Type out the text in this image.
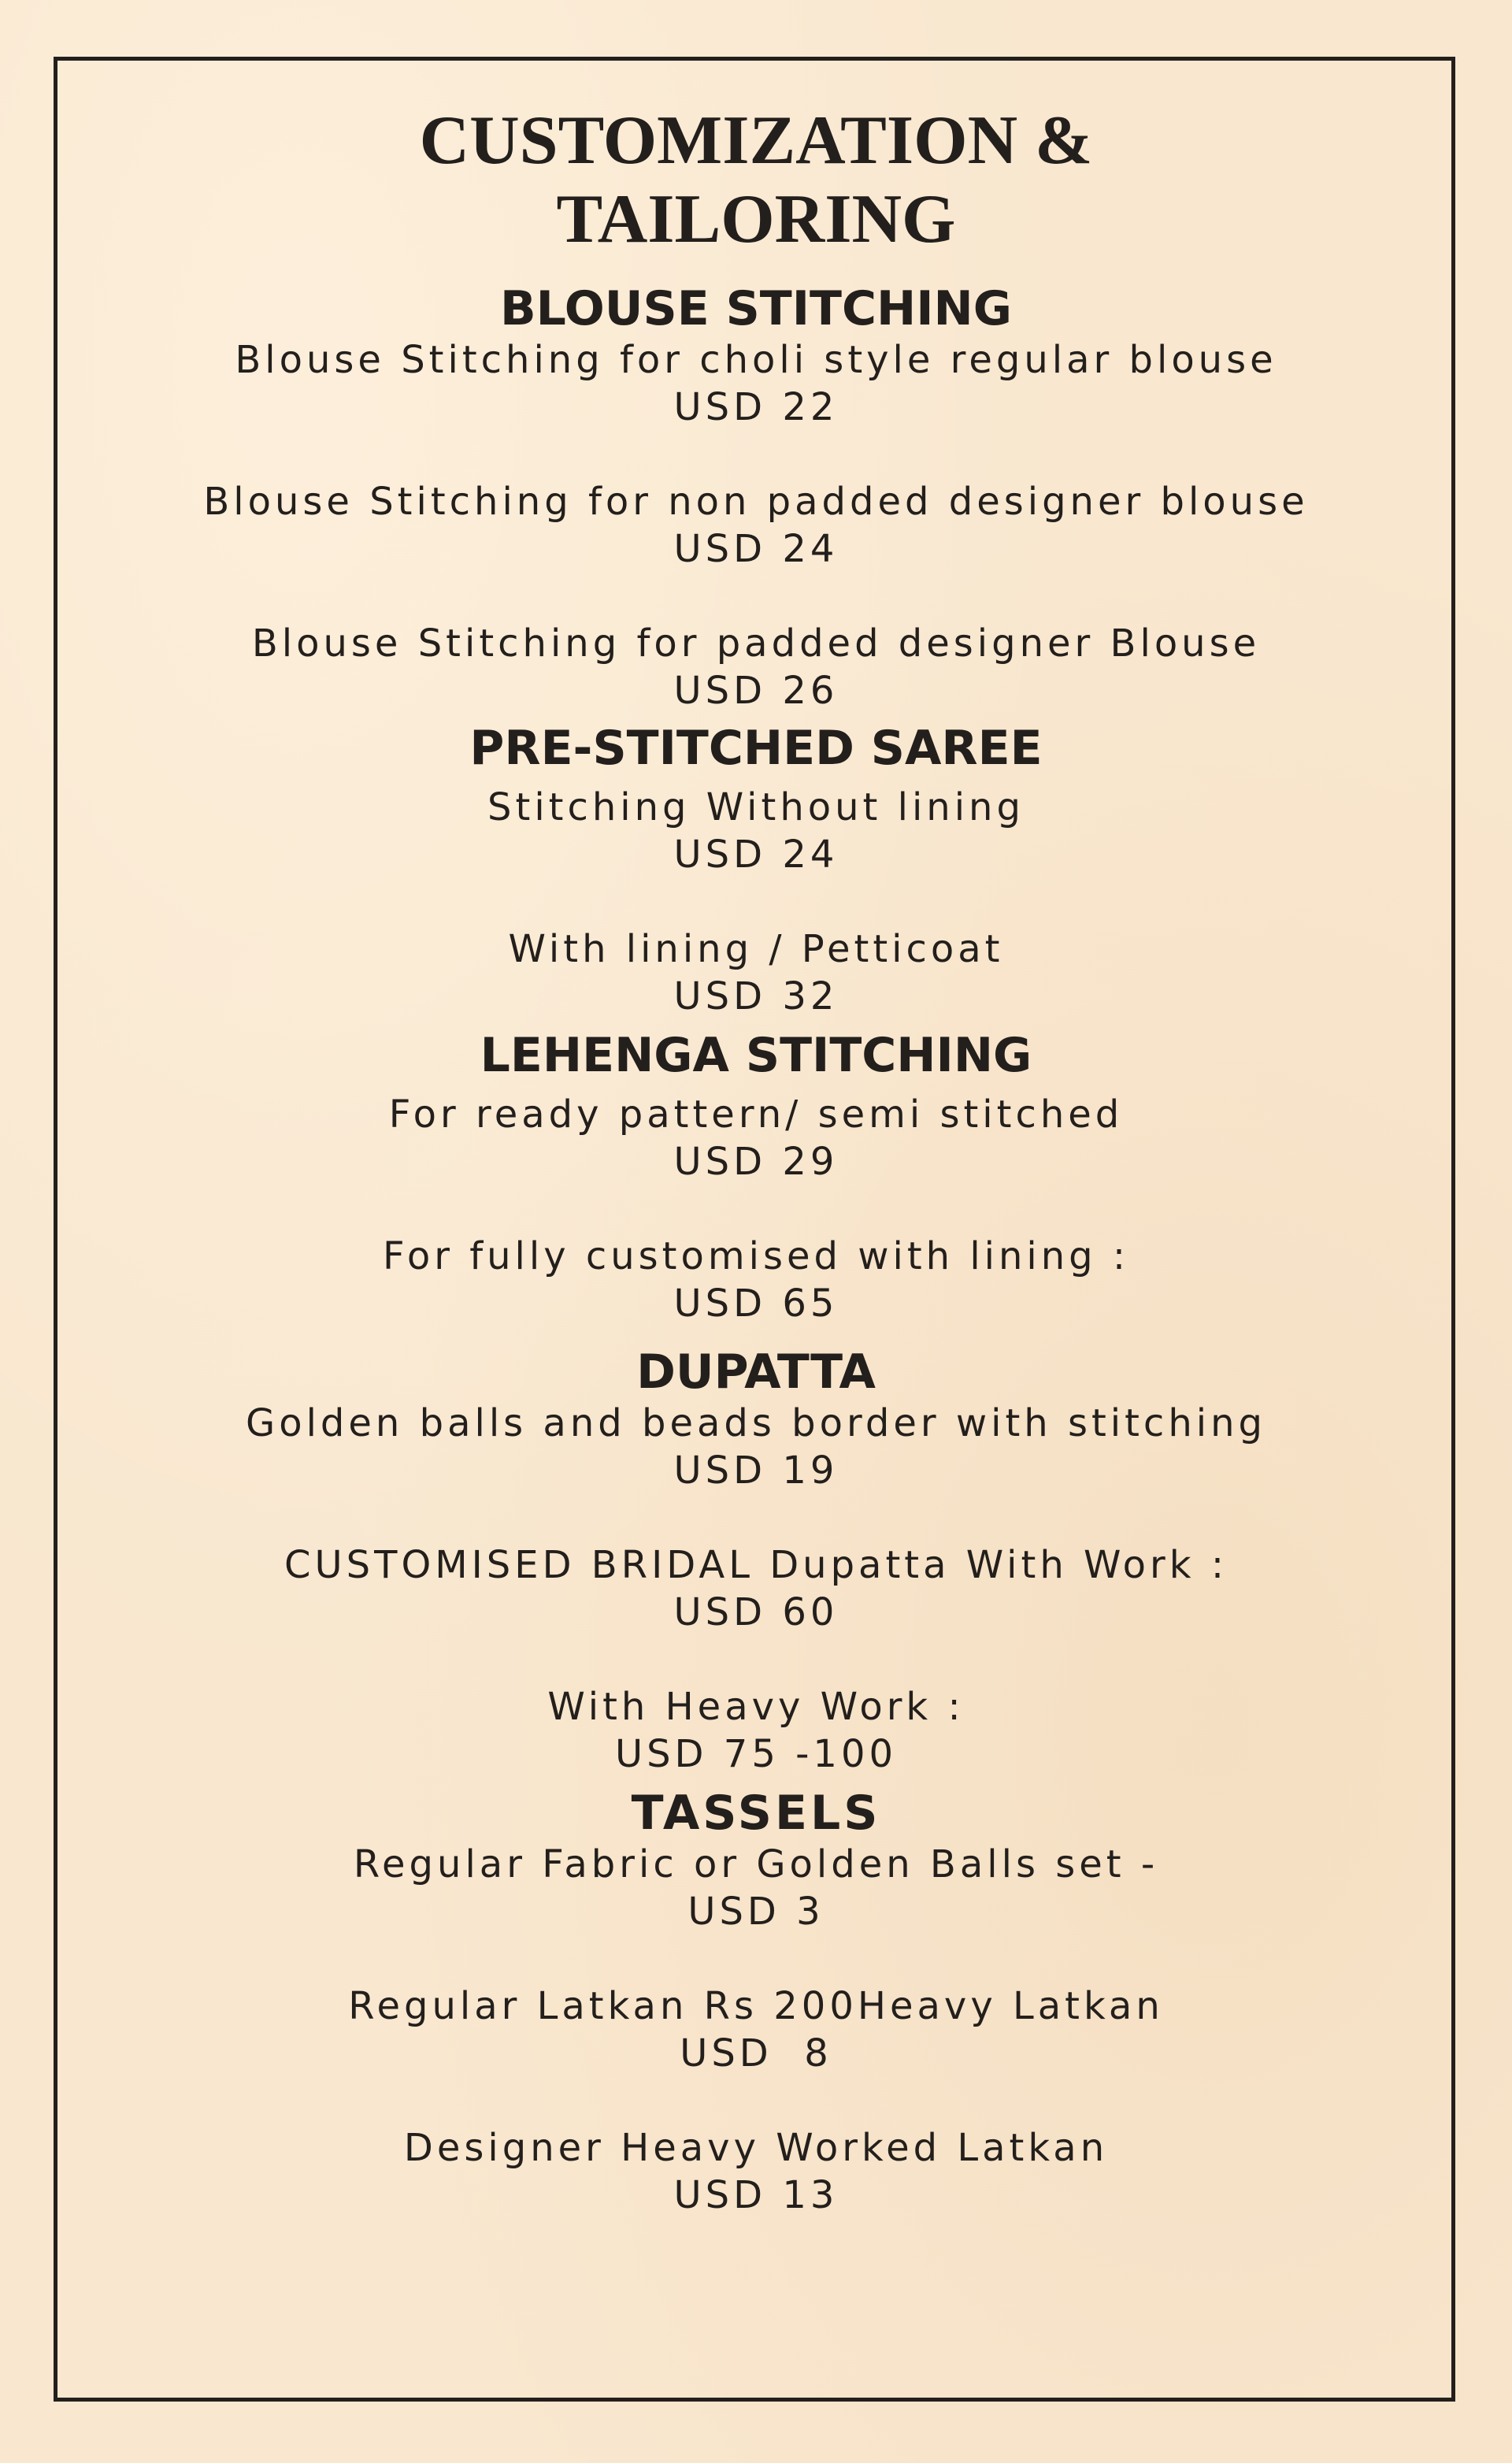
CUSTOMIZATION &
TAILORING
BLOUSE STITCHING
Blouse Stitching for choli style regular blouse
USD 22
Blouse Stitching for non padded designer blouse
USD 24
Blouse Stitching for padded designer Blouse
USD 26
PRE-STITCHED SAREE
Stitching Without lining
USD 24
With lining / Petticoat
USD 32
LEHENGA STITCHING
For ready pattern/ semi stitched
USD 29
For fully customised with lining :
USD 65
DUPATTA
Golden balls and beads border with stitching
USD 19
CUSTOMISED BRIDAL Dupatta With Work :
USD 60
With Heavy Work :
USD 75 -100
TASSELS
Regular Fabric or Golden Balls set -
USD 3
Regular Latkan Rs 200Heavy Latkan
USD  8
Designer Heavy Worked Latkan
USD 13
